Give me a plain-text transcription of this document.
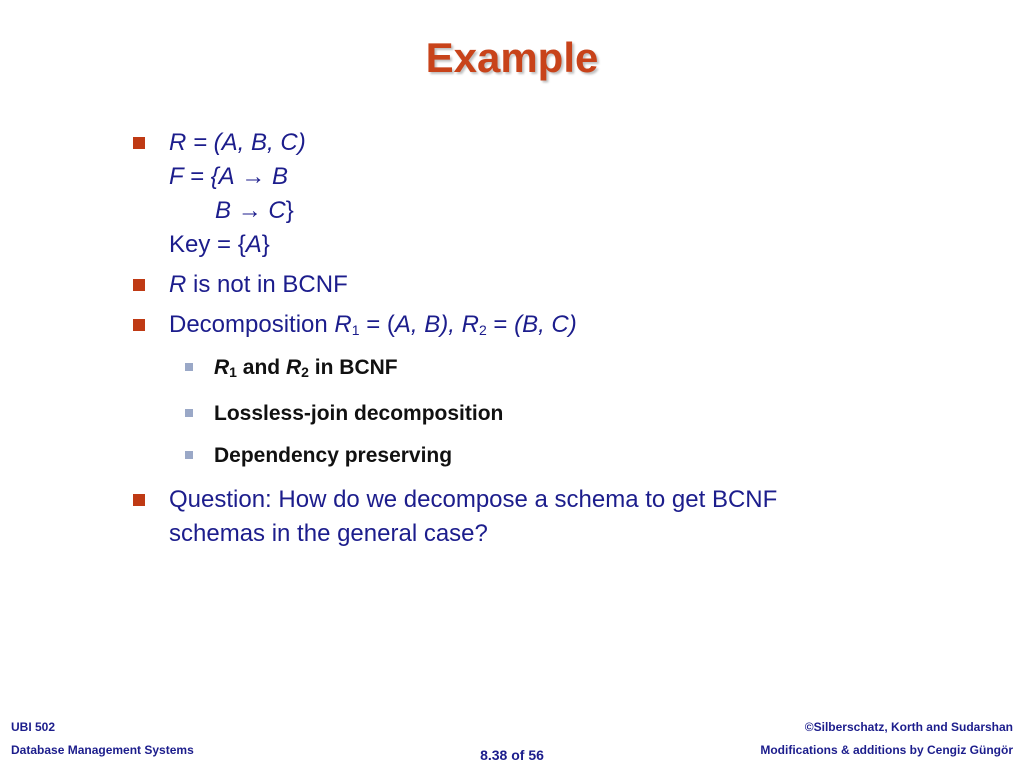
Example
R = (A, B, C)
F = {A → B
B → C}
Key = {A}
R is not in BCNF
Decomposition $R_1 = (A$, B), $R_2 = (B$, C)
$R_1$ and $R_2$ in BCNF
Lossless-join decomposition
Dependency preserving
Question: How do we decompose a schema to get BCNF
schemas in the general case?
UBI 502
Database Management Systems	8.38 of 56
©Silberschatz, Korth and Sudarshan
Modifications & additions by Cengiz Güngör
